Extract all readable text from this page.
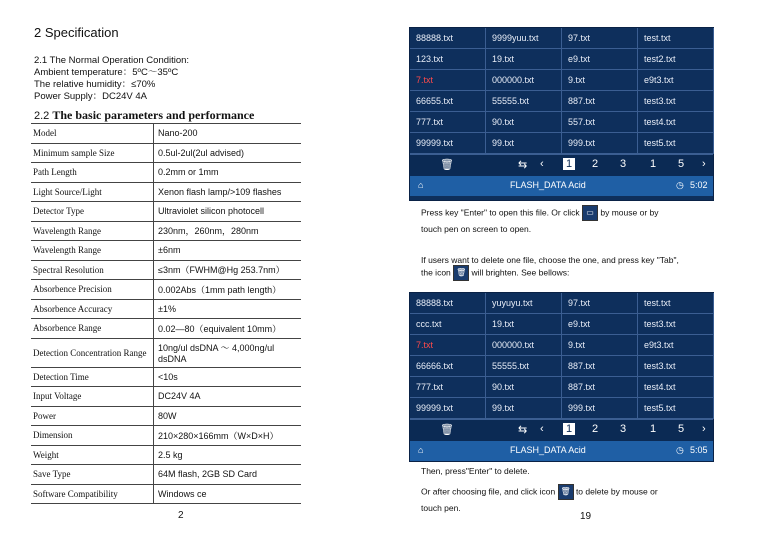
2 Specification
2.1 The Normal Operation Condition:
Ambient temperature：5ºC～35ºC
The relative humidity：≤70%
Power Supply：DC24V 4A
2.2 The basic parameters and performance
Model	Nano-200
Minimum sample Size	0.5ul-2ul(2ul advised)
Path Length	0.2mm or 1mm
Light Source/Light	Xenon flash lamp/>109 flashes
Detector Type	Ultraviolet silicon photocell
Wavelength Range	230nm，260nm，280nm
Wavelength Range	±6nm
Spectral Resolution	≤3nm（FWHM@Hg 253.7nm）
Absorbence Precision	0.002Abs（1mm path length）
Absorbence Accuracy	±1%
Absorbence Range	0.02—80（equivalent 10mm）
Detection Concentration Range	10ng/ul dsDNA ～ 4,000ng/ul dsDNA
Detection Time	<10s
Input Voltage	DC24V 4A
Power	80W
Dimension	210×280×166mm（W×D×H）
Weight	2.5 kg
Save Type	64M flash, 2GB SD Card
Software Compatibility	Windows ce
2
88888.txt	9999yuu.txt	97.txt	test.txt
123.txt	19.txt	e9.txt	test2.txt
7.txt	000000.txt	9.txt	e9t3.txt
66655.txt	55555.txt	887.txt	test3.txt
777.txt	90.txt	557.txt	test4.txt
99999.txt	99.txt	999.txt	test5.txt
🗑	⇆ ‹ 1 2 3 1 5 ›
⌂	FLASH_DATA Acid	◷ 5:02
Press key "Enter" to open this file. Or click ▭ by mouse or by
touch pen on screen to open.
If users want to delete one file, choose the one, and press key "Tab",
the icon 🗑 will brighten. See bellows:
88888.txt	yuyuyu.txt	97.txt	test.txt
ccc.txt	19.txt	e9.txt	test3.txt
7.txt	000000.txt	9.txt	e9t3.txt
66666.txt	55555.txt	887.txt	test3.txt
777.txt	90.txt	887.txt	test4.txt
99999.txt	99.txt	999.txt	test5.txt
🗑	⇆ ‹ 1 2 3 1 5 ›
⌂	FLASH_DATA Acid	◷ 5:05
Then, press"Enter" to delete.
Or after choosing file, and click icon 🗑 to delete by mouse or
touch pen.
19
